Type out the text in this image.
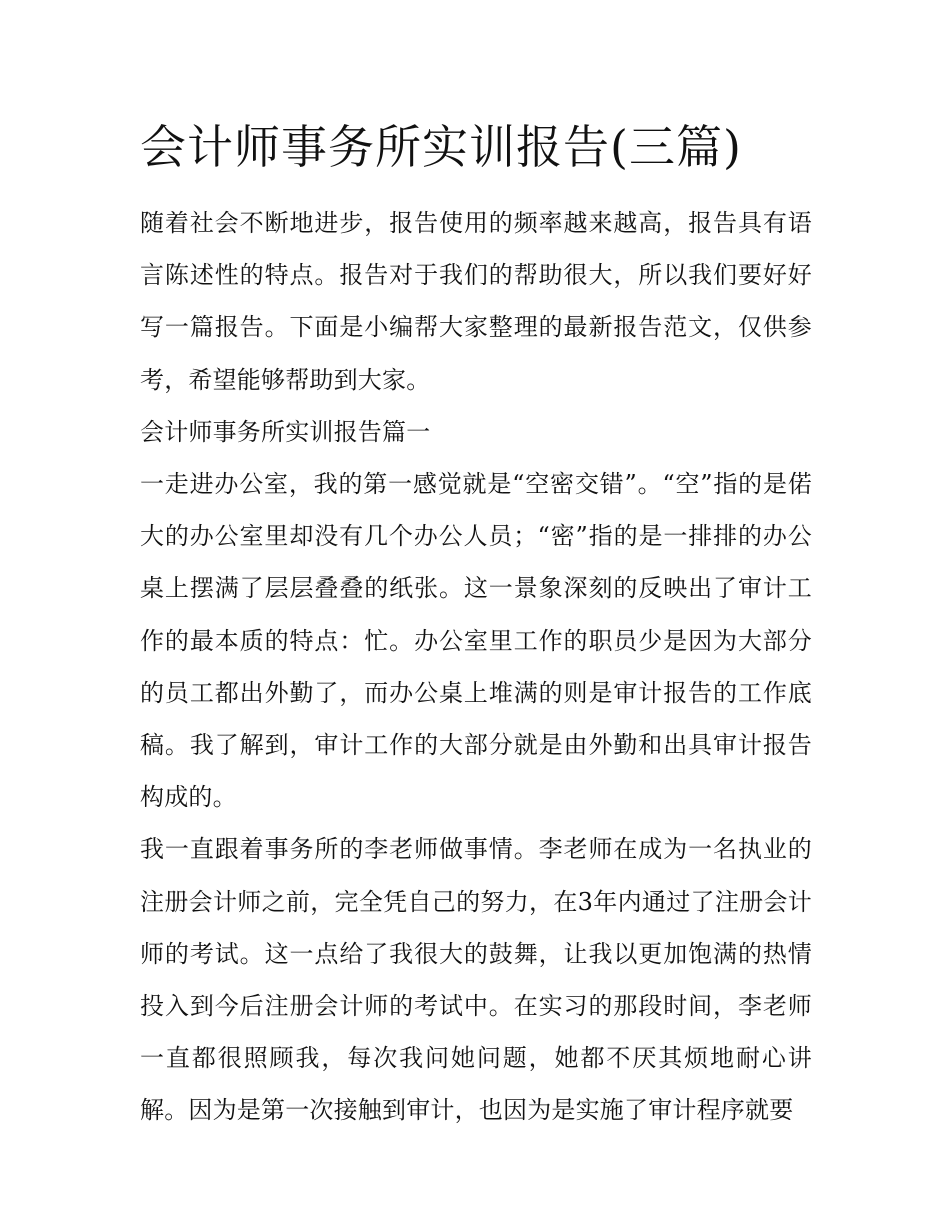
会计师事务所实训报告(三篇)

随着社会不断地进步，报告使用的频率越来越高，报告具有语言陈述性的特点。报告对于我们的帮助很大，所以我们要好好写一篇报告。下面是小编帮大家整理的最新报告范文，仅供参考，希望能够帮助到大家。

会计师事务所实训报告篇一

一走进办公室，我的第一感觉就是“空密交错”。“空”指的是偌大的办公室里却没有几个办公人员；“密”指的是一排排的办公桌上摆满了层层叠叠的纸张。这一景象深刻的反映出了审计工作的最本质的特点：忙。办公室里工作的职员少是因为大部分的员工都出外勤了，而办公桌上堆满的则是审计报告的工作底稿。我了解到，审计工作的大部分就是由外勤和出具审计报告构成的。

我一直跟着事务所的李老师做事情。李老师在成为一名执业的注册会计师之前，完全凭自己的努力，在3年内通过了注册会计师的考试。这一点给了我很大的鼓舞，让我以更加饱满的热情投入到今后注册会计师的考试中。在实习的那段时间，李老师一直都很照顾我，每次我问她问题，她都不厌其烦地耐心讲解。因为是第一次接触到审计，也因为是实施了审计程序就要
